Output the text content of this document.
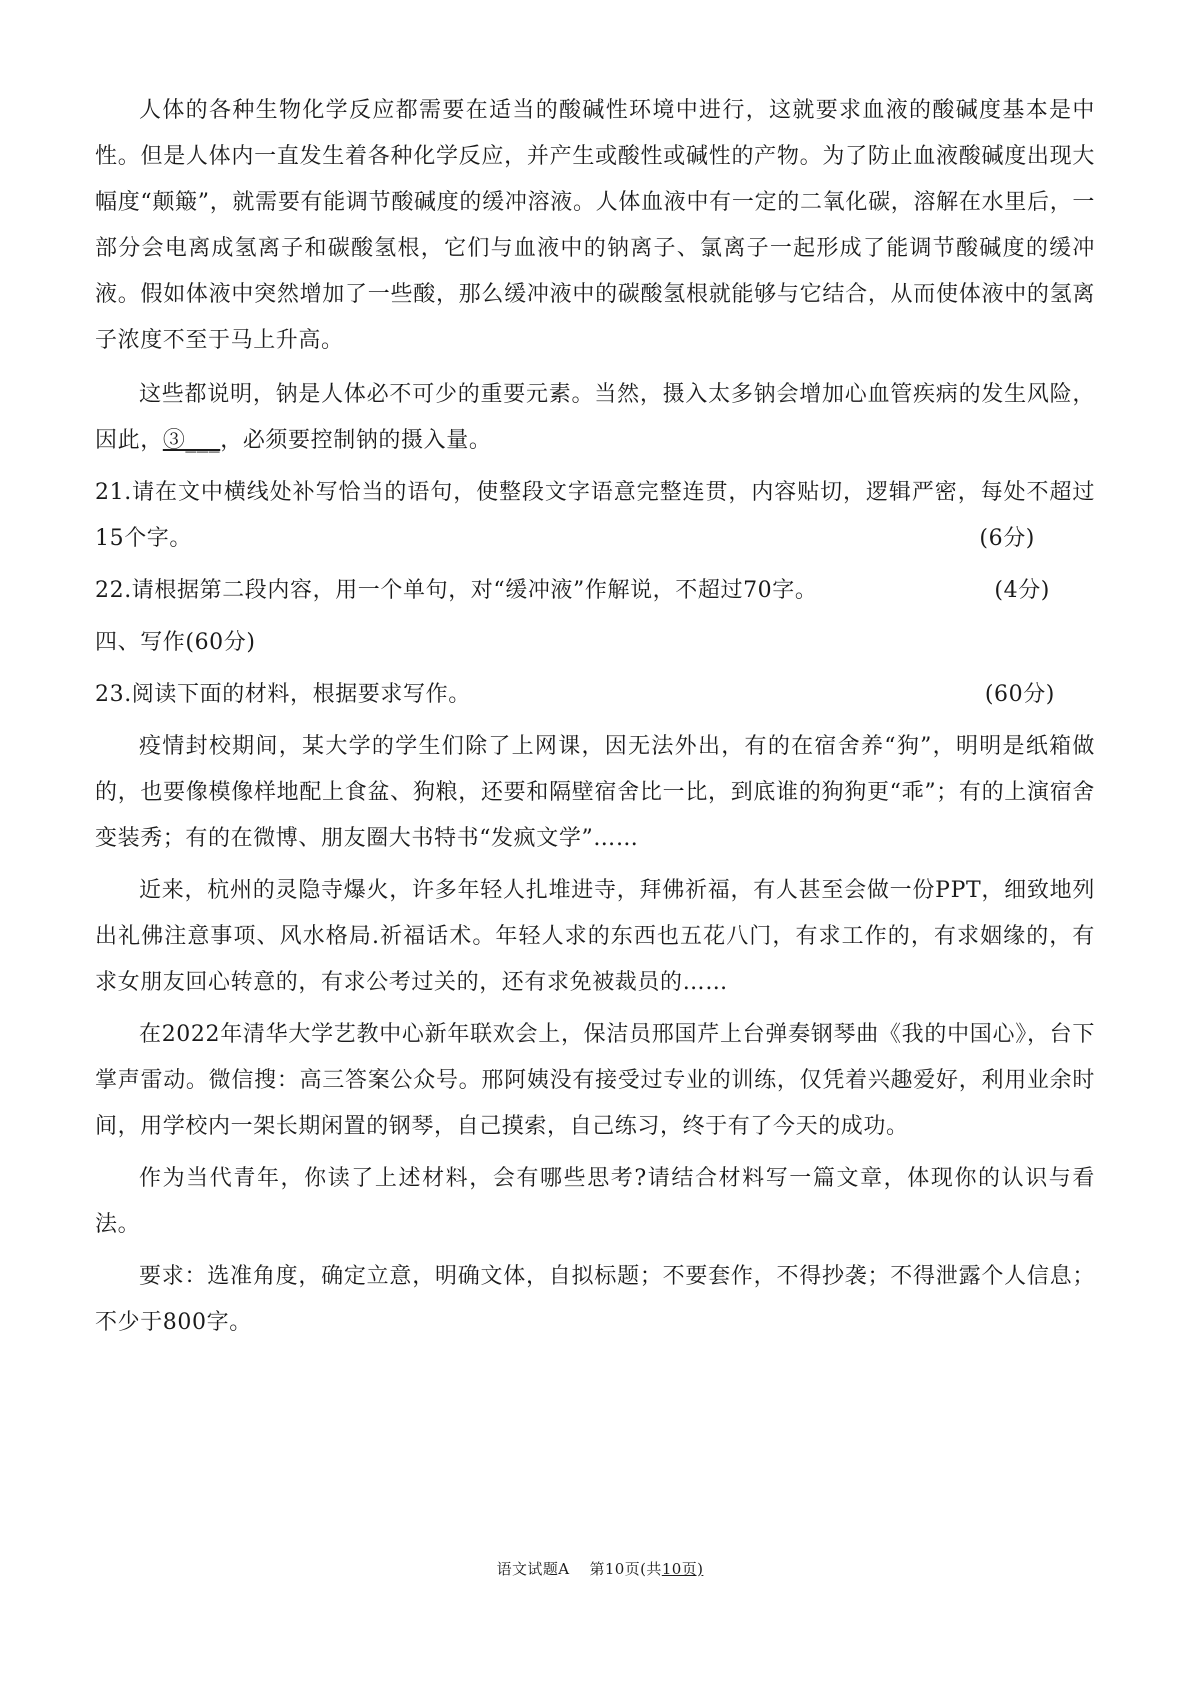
人体的各种生物化学反应都需要在适当的酸碱性环境中进行，这就要求血液的酸碱度基本是中性。但是人体内一直发生着各种化学反应，并产生或酸性或碱性的产物。为了防止血液酸碱度出现大幅度“颠簸”，就需要有能调节酸碱度的缓冲溶液。人体血液中有一定的二氧化碳，溶解在水里后，一部分会电离成氢离子和碳酸氢根，它们与血液中的钠离子、氯离子一起形成了能调节酸碱度的缓冲液。假如体液中突然增加了一些酸，那么缓冲液中的碳酸氢根就能够与它结合，从而使体液中的氢离子浓度不至于马上升高。

这些都说明，钠是人体必不可少的重要元素。当然，摄入太多钠会增加心血管疾病的发生风险，因此，③___，必须要控制钠的摄入量。

21.请在文中横线处补写恰当的语句，使整段文字语意完整连贯，内容贴切，逻辑严密，每处不超过15个字。	(6分)

22.请根据第二段内容，用一个单句，对“缓冲液”作解说，不超过70字。	(4分)

四、写作(60分)

23.阅读下面的材料，根据要求写作。	(60分)

疫情封校期间，某大学的学生们除了上网课，因无法外出，有的在宿舍养“狗”，明明是纸箱做的，也要像模像样地配上食盆、狗粮，还要和隔壁宿舍比一比，到底谁的狗狗更“乖”；有的上演宿舍变装秀；有的在微博、朋友圈大书特书“发疯文学”……

近来，杭州的灵隐寺爆火，许多年轻人扎堆进寺，拜佛祈福，有人甚至会做一份PPT，细致地列出礼佛注意事项、风水格局.祈福话术。年轻人求的东西也五花八门，有求工作的，有求姻缘的，有求女朋友回心转意的，有求公考过关的，还有求免被裁员的……

在2022年清华大学艺教中心新年联欢会上，保洁员邢国芹上台弹奏钢琴曲《我的中国心》，台下掌声雷动。微信搜：高三答案公众号。邢阿姨没有接受过专业的训练，仅凭着兴趣爱好，利用业余时间，用学校内一架长期闲置的钢琴，自己摸索，自己练习，终于有了今天的成功。

作为当代青年，你读了上述材料，会有哪些思考?请结合材料写一篇文章，体现你的认识与看法。

要求：选准角度，确定立意，明确文体，自拟标题；不要套作，不得抄袭；不得泄露个人信息；不少于800字。

语文试题A 第10页(共10页)
